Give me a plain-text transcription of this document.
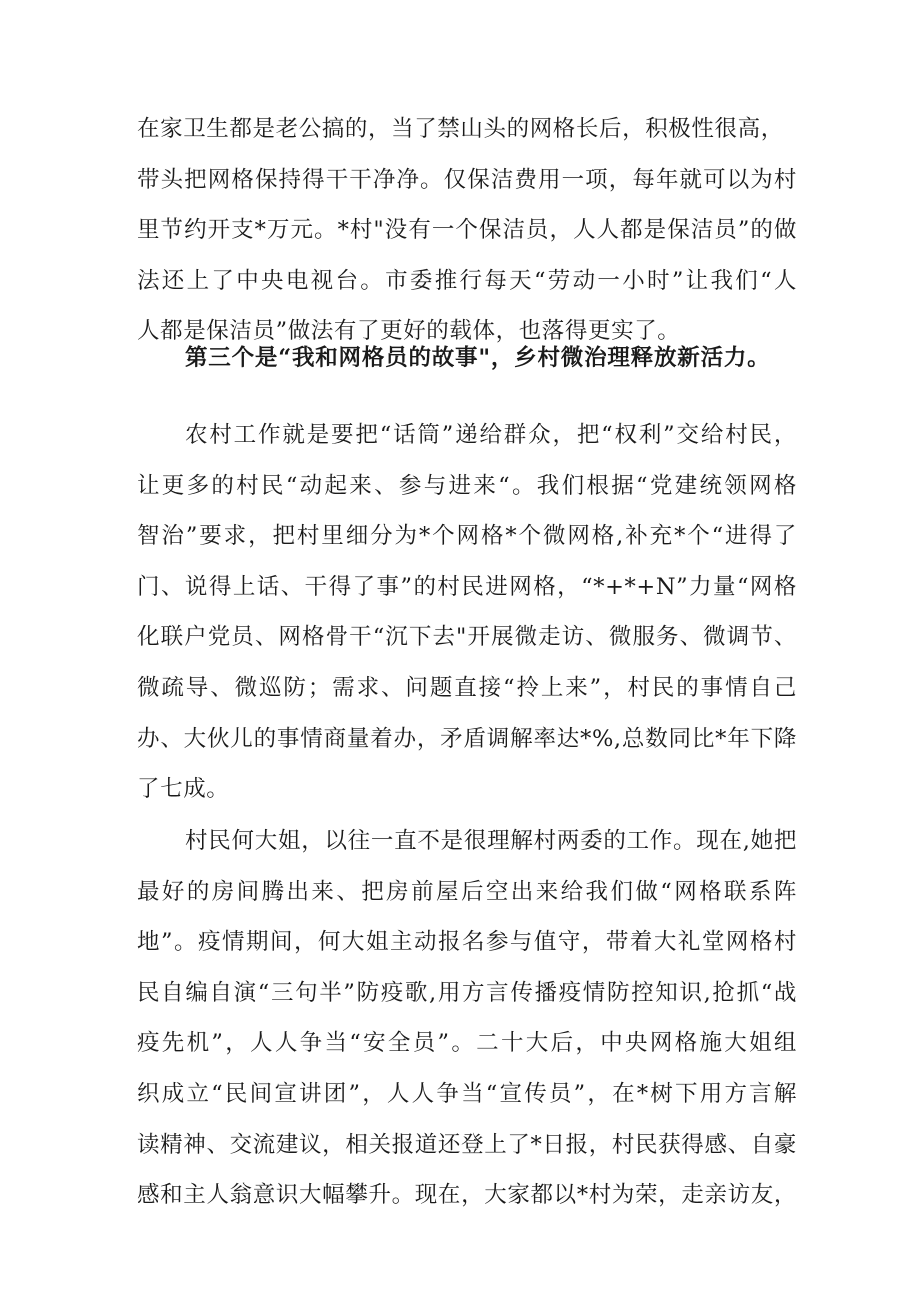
在家卫生都是老公搞的，当了禁山头的网格长后，积极性很高，
带头把网格保持得干干净净。仅保洁费用一项，每年就可以为村
里节约开支*万元。*村"没有一个保洁员，人人都是保洁员”的做
法还上了中央电视台。市委推行每天“劳动一小时”让我们“人
人都是保洁员”做法有了更好的载体，也落得更实了。
第三个是“我和网格员的故事"，乡村微治理释放新活力。
农村工作就是要把“话筒”递给群众，把“权利”交给村民，
让更多的村民“动起来、参与进来“。我们根据“党建统领网格
智治”要求，把村里细分为*个网格*个微网格,补充*个“进得了
门、说得上话、干得了事”的村民进网格，“*+*+N”力量“网格
化联户党员、网格骨干“沉下去"开展微走访、微服务、微调节、
微疏导、微巡防；需求、问题直接“拎上来”，村民的事情自己
办、大伙儿的事情商量着办，矛盾调解率达*%,总数同比*年下降
了七成。
村民何大姐，以往一直不是很理解村两委的工作。现在,她把
最好的房间腾出来、把房前屋后空出来给我们做“网格联系阵
地”。疫情期间，何大姐主动报名参与值守，带着大礼堂网格村
民自编自演“三句半”防疫歌,用方言传播疫情防控知识,抢抓“战
疫先机”，人人争当“安全员”。二十大后，中央网格施大姐组
织成立“民间宣讲团”，人人争当“宣传员”，在*树下用方言解
读精神、交流建议，相关报道还登上了*日报，村民获得感、自豪
感和主人翁意识大幅攀升。现在，大家都以*村为荣，走亲访友，
